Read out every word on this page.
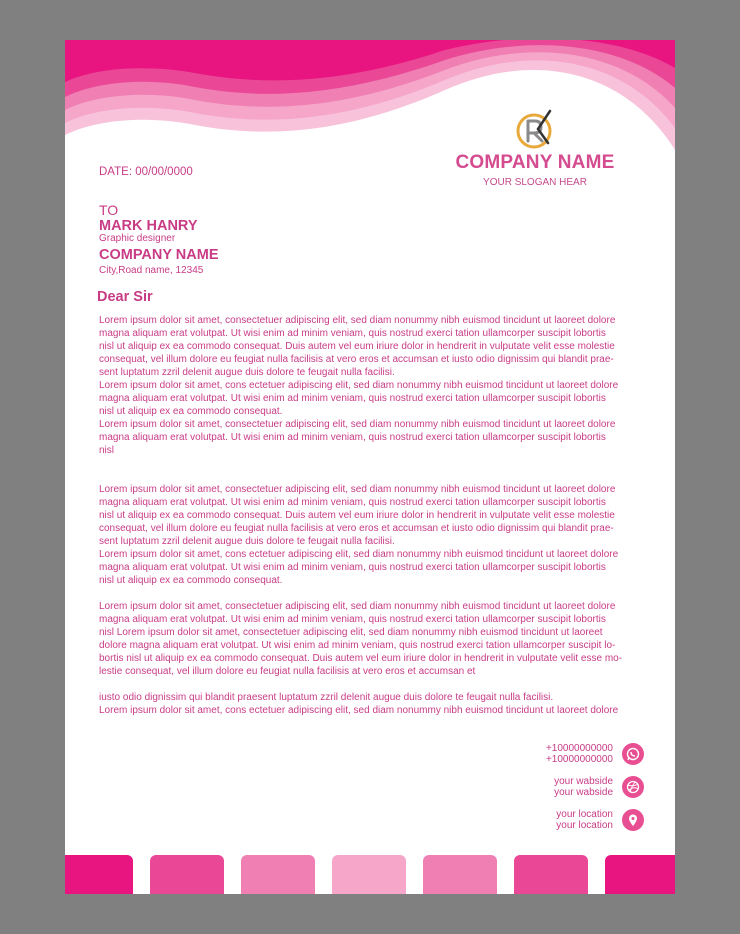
COMPANY NAME
YOUR SLOGAN HEAR
DATE: 00/00/0000
TO
MARK HANRY
Graphic designer
COMPANY NAME
City,Road name, 12345
Dear Sir

Lorem ipsum dolor sit amet, consectetuer adipiscing elit, sed diam nonummy nibh euismod tincidunt ut laoreet dolore

magna aliquam erat volutpat. Ut wisi enim ad minim veniam, quis nostrud exerci tation ullamcorper suscipit lobortis

nisl ut aliquip ex ea commodo consequat. Duis autem vel eum iriure dolor in hendrerit in vulputate velit esse molestie

consequat, vel illum dolore eu feugiat nulla facilisis at vero eros et accumsan et iusto odio dignissim qui blandit prae-

sent luptatum zzril delenit augue duis dolore te feugait nulla facilisi.

Lorem ipsum dolor sit amet, cons ectetuer adipiscing elit, sed diam nonummy nibh euismod tincidunt ut laoreet dolore

magna aliquam erat volutpat. Ut wisi enim ad minim veniam, quis nostrud exerci tation ullamcorper suscipit lobortis

nisl ut aliquip ex ea commodo consequat.

Lorem ipsum dolor sit amet, consectetuer adipiscing elit, sed diam nonummy nibh euismod tincidunt ut laoreet dolore

magna aliquam erat volutpat. Ut wisi enim ad minim veniam, quis nostrud exerci tation ullamcorper suscipit lobortis

nisl

Lorem ipsum dolor sit amet, consectetuer adipiscing elit, sed diam nonummy nibh euismod tincidunt ut laoreet dolore

magna aliquam erat volutpat. Ut wisi enim ad minim veniam, quis nostrud exerci tation ullamcorper suscipit lobortis

nisl ut aliquip ex ea commodo consequat. Duis autem vel eum iriure dolor in hendrerit in vulputate velit esse molestie

consequat, vel illum dolore eu feugiat nulla facilisis at vero eros et accumsan et iusto odio dignissim qui blandit prae-

sent luptatum zzril delenit augue duis dolore te feugait nulla facilisi.

Lorem ipsum dolor sit amet, cons ectetuer adipiscing elit, sed diam nonummy nibh euismod tincidunt ut laoreet dolore

magna aliquam erat volutpat. Ut wisi enim ad minim veniam, quis nostrud exerci tation ullamcorper suscipit lobortis

nisl ut aliquip ex ea commodo consequat.

Lorem ipsum dolor sit amet, consectetuer adipiscing elit, sed diam nonummy nibh euismod tincidunt ut laoreet dolore

magna aliquam erat volutpat. Ut wisi enim ad minim veniam, quis nostrud exerci tation ullamcorper suscipit lobortis

nisl Lorem ipsum dolor sit amet, consectetuer adipiscing elit, sed diam nonummy nibh euismod tincidunt ut laoreet

dolore magna aliquam erat volutpat. Ut wisi enim ad minim veniam, quis nostrud exerci tation ullamcorper suscipit lo-

bortis nisl ut aliquip ex ea commodo consequat. Duis autem vel eum iriure dolor in hendrerit in vulputate velit esse mo-

lestie consequat, vel illum dolore eu feugiat nulla facilisis at vero eros et accumsan et

iusto odio dignissim qui blandit praesent luptatum zzril delenit augue duis dolore te feugait nulla facilisi.

Lorem ipsum dolor sit amet, cons ectetuer adipiscing elit, sed diam nonummy nibh euismod tincidunt ut laoreet dolore

+10000000000
+10000000000
your wabside
your wabside
your location
your location
